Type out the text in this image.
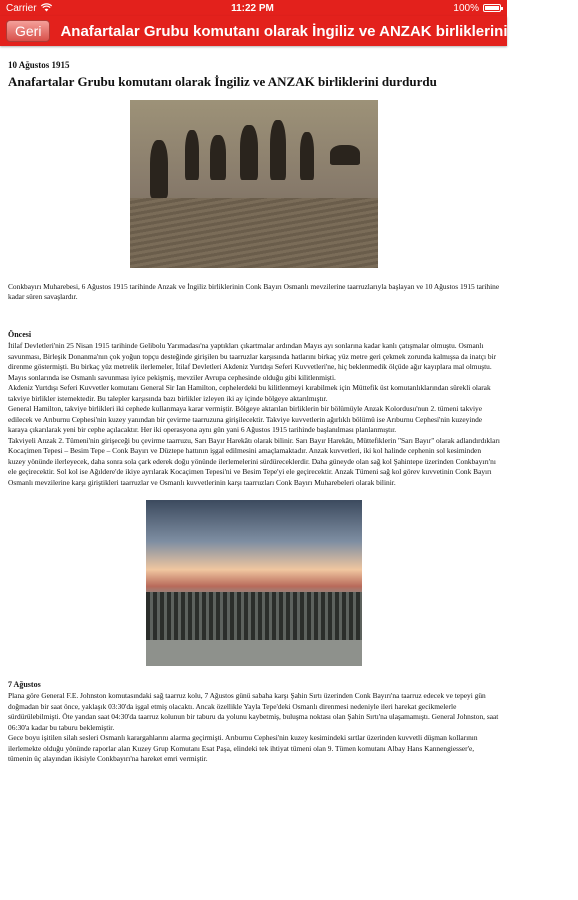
Carrier	11:22 PM	100%
Geri	Anafartalar Grubu komutanı olarak İngiliz ve ANZAK birliklerini durdurdu

10 Ağustos 1915

Anafartalar Grubu komutanı olarak İngiliz ve ANZAK birliklerini durdurdu

Conkbayırı Muharebesi, 6 Ağustos 1915 tarihinde Anzak ve İngiliz birliklerinin Conk Bayırı Osmanlı mevzilerine taarruzlarıyla başlayan ve 10 Ağustos 1915 tarihine kadar süren savaşlardır.

Öncesi

İtilaf Devletleri'nin 25 Nisan 1915 tarihinde Gelibolu Yarımadası'na yaptıkları çıkartmalar ardından Mayıs ayı sonlarına kadar kanlı çatışmalar olmuştu. Osmanlı savunması, Birleşik Donanma'nın çok yoğun topçu desteğinde girişilen bu taarruzlar karşısında hatlarını birkaç yüz metre geri çekmek zorunda kalmışsa da inatçı bir direnme göstermişti. Bu birkaç yüz metrelik ilerlemeler, İtilaf Devletleri Akdeniz Yurtdışı Seferi Kuvvetleri'ne, hiç beklenmedik ölçüde ağır kayıplara mal olmuştu. Mayıs sonlarında ise Osmanlı savunması iyice pekişmiş, mevziler Avrupa cephesinde olduğu gibi kilitlenmişti.

Akdeniz Yurtdışı Seferi Kuvvetler komutanı General Sir Ian Hamilton, cephelerdeki bu kilitlenmeyi kırabilmek için Müttefik üst komutanlıklarından sürekli olarak takviye birlikler istemektedir. Bu talepler karşısında bazı birlikler izleyen iki ay içinde bölgeye aktarılmıştır.

General Hamilton, takviye birlikleri iki cephede kullanmaya karar vermiştir. Bölgeye aktarılan birliklerin bir bölümüyle Anzak Kolordusu'nun 2. tümeni takviye edilecek ve Arıburnu Cephesi'nin kuzey yanından bir çevirme taarruzuna girişilecektir. Takviye kuvvetlerin ağırlıklı bölümü ise Arıburnu Cephesi'nin kuzeyinde karaya çıkarılarak yeni bir cephe açılacaktır. Her iki operasyona aynı gün yani 6 Ağustos 1915 tarihinde başlanılması planlanmıştır.

Takviyeli Anzak 2. Tümeni'nin girişeceği bu çevirme taarruzu, Sarı Bayır Harekâtı olarak bilinir. Sarı Bayır Harekâtı, Müttefiklerin "Sarı Bayır" olarak adlandırdıkları Kocaçimen Tepesi – Besim Tepe – Conk Bayırı ve Düztepe hattının işgal edilmesini amaçlamaktadır. Anzak kuvvetleri, iki kol halinde cephenin sol kesiminden kuzey yönünde ilerleyecek, daha sonra sola çark ederek doğu yönünde ilerlemelerini sürdüreceklerdir. Daha güneyde olan sağ kol Şahintepe üzerinden Conkbayırı'nı ele geçirecektir. Sol kol ise Ağıldere'de ikiye ayrılarak Kocaçimen Tepesi'ni ve Besim Tepe'yi ele geçirecektir. Anzak Tümeni sağ kol görev kuvvetinin Conk Bayırı Osmanlı mevzilerine karşı giriştikleri taarruzlar ve Osmanlı kuvvetlerinin karşı taarruzları Conk Bayırı Muharebeleri olarak bilinir.

7 Ağustos

Plana göre General F.E. Johnston komutasındaki sağ taarruz kolu, 7 Ağustos günü sabaha karşı Şahin Sırtı üzerinden Conk Bayırı'na taarruz edecek ve tepeyi gün doğmadan bir saat önce, yaklaşık 03:30'da işgal etmiş olacaktı. Ancak özellikle Yayla Tepe'deki Osmanlı direnmesi nedeniyle ileri harekat gecikmelerle sürdürülebilmişti. Öte yandan saat 04:30'da taarruz kolunun bir taburu da yolunu kaybetmiş, buluşma noktası olan Şahin Sırtı'na ulaşamamıştı. General Johnston, saat 06:30'a kadar bu taburu beklemiştir.

Gece boyu işitilen silah sesleri Osmanlı karargahlarını alarma geçirmişti. Arıburnu Cephesi'nin kuzey kesimindeki sırtlar üzerinden kuvvetli düşman kollarının ilerlemekte olduğu yönünde raporlar alan Kuzey Grup Komutanı Esat Paşa, elindeki tek ihtiyat tümeni olan 9. Tümen komutanı Albay Hans Kannengiesser'e, tümenin üç alayından ikisiyle Conkbayırı'na hareket emri vermiştir.
